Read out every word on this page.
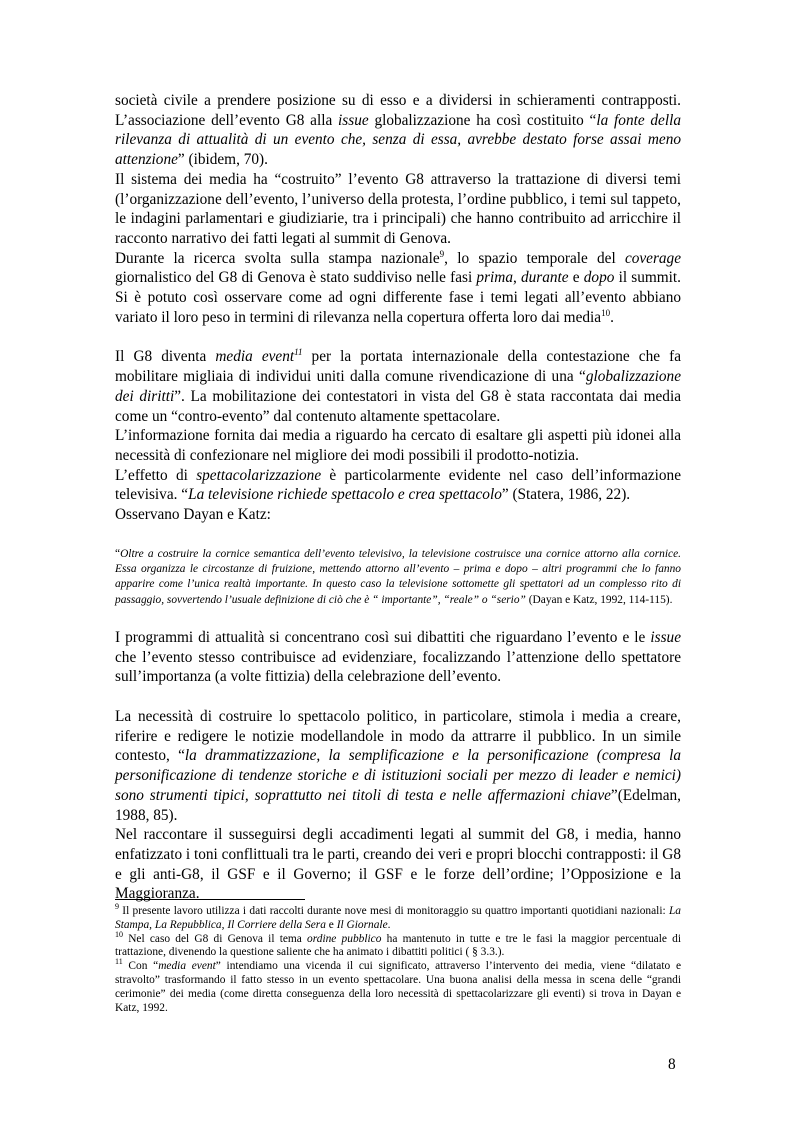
società civile a prendere posizione su di esso e a dividersi in schieramenti contrapposti. L’associazione dell’evento G8 alla issue globalizzazione ha così costituito “la fonte della rilevanza di attualità di un evento che, senza di essa, avrebbe destato forse assai meno attenzione” (ibidem, 70).

Il sistema dei media ha “costruito” l’evento G8 attraverso la trattazione di diversi temi (l’organizzazione dell’evento, l’universo della protesta, l’ordine pubblico, i temi sul tappeto, le indagini parlamentari e giudiziarie, tra i principali) che hanno contribuito ad arricchire il racconto narrativo dei fatti legati al summit di Genova.

Durante la ricerca svolta sulla stampa nazionale$^9$, lo spazio temporale del coverage giornalistico del G8 di Genova è stato suddiviso nelle fasi prima, durante e dopo il summit. Si è potuto così osservare come ad ogni differente fase i temi legati all’evento abbiano variato il loro peso in termini di rilevanza nella copertura offerta loro dai media$^{10}$.

Il G8 diventa media event$^{11}$ per la portata internazionale della contestazione che fa mobilitare migliaia di individui uniti dalla comune rivendicazione di una “globalizzazione dei diritti”. La mobilitazione dei contestatori in vista del G8 è stata raccontata dai media come un “contro-evento” dal contenuto altamente spettacolare.

L’informazione fornita dai media a riguardo ha cercato di esaltare gli aspetti più idonei alla necessità di confezionare nel migliore dei modi possibili il prodotto-notizia.

L’effetto di spettacolarizzazione è particolarmente evidente nel caso dell’informazione televisiva. “La televisione richiede spettacolo e crea spettacolo” (Statera, 1986, 22).

Osservano Dayan e Katz:

“Oltre a costruire la cornice semantica dell’evento televisivo, la televisione costruisce una cornice attorno alla cornice. Essa organizza le circostanze di fruizione, mettendo attorno all’evento – prima e dopo – altri programmi che lo fanno apparire come l’unica realtà importante. In questo caso la televisione sottomette gli spettatori ad un complesso rito di passaggio, sovvertendo l’usuale definizione di ciò che è “ importante”, “reale” o “serio” (Dayan e Katz, 1992, 114-115).

I programmi di attualità si concentrano così sui dibattiti che riguardano l’evento e le issue che l’evento stesso contribuisce ad evidenziare, focalizzando l’attenzione dello spettatore sull’importanza (a volte fittizia) della celebrazione dell’evento.

La necessità di costruire lo spettacolo politico, in particolare, stimola i media a creare, riferire e redigere le notizie modellandole in modo da attrarre il pubblico. In un simile contesto, “la drammatizzazione, la semplificazione e la personificazione (compresa la personificazione di tendenze storiche e di istituzioni sociali per mezzo di leader e nemici) sono strumenti tipici, soprattutto nei titoli di testa e nelle affermazioni chiave”(Edelman, 1988, 85).

Nel raccontare il susseguirsi degli accadimenti legati al summit del G8, i media, hanno enfatizzato i toni conflittuali tra le parti, creando dei veri e propri blocchi contrapposti: il G8 e gli anti-G8, il GSF e il Governo; il GSF e le forze dell’ordine; l’Opposizione e la Maggioranza.

$^9$ Il presente lavoro utilizza i dati raccolti durante nove mesi di monitoraggio su quattro importanti quotidiani nazionali: La Stampa, La Repubblica, Il Corriere della Sera e Il Giornale.

$^{10}$ Nel caso del G8 di Genova il tema ordine pubblico ha mantenuto in tutte e tre le fasi la maggior percentuale di trattazione, divenendo la questione saliente che ha animato i dibattiti politici ( § 3.3.).

$^{11}$ Con “media event” intendiamo una vicenda il cui significato, attraverso l’intervento dei media, viene “dilatato e stravolto” trasformando il fatto stesso in un evento spettacolare. Una buona analisi della messa in scena delle “grandi cerimonie” dei media (come diretta conseguenza della loro necessità di spettacolarizzare gli eventi) si trova in Dayan e Katz, 1992.

8
